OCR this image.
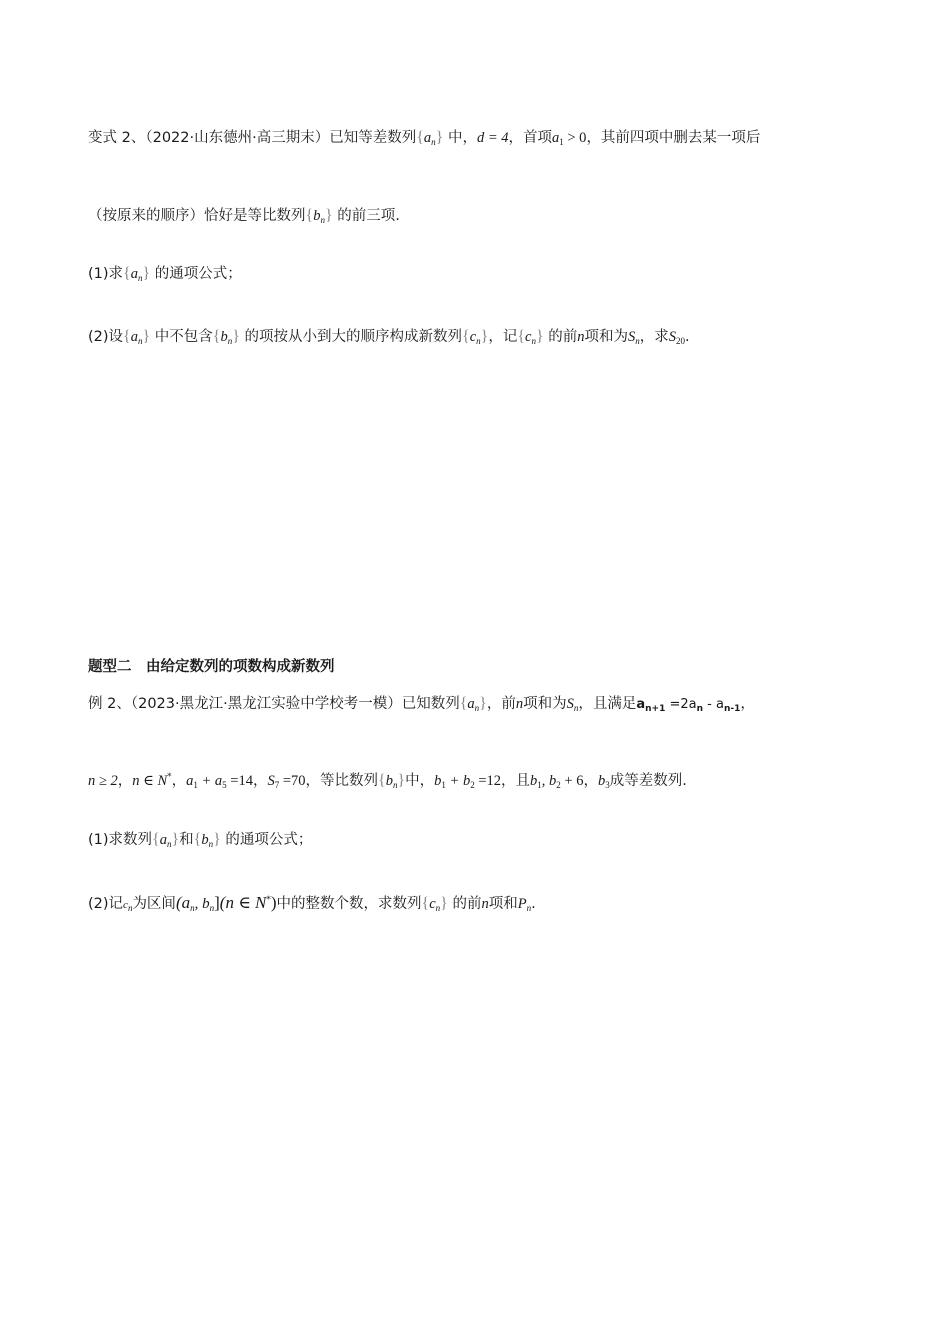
变式 2、（2022·山东德州·高三期末）已知等差数列$\{a_n\}$ 中，d = 4，首项$a_1 > 0$，其前四项中删去某一项后
（按原来的顺序）恰好是等比数列$\{b_n\}$ 的前三项.
(1)求$\{a_n\}$ 的通项公式；
(2)设$\{a_n\}$ 中不包含$\{b_n\}$ 的项按从小到大的顺序构成新数列$\{c_n\}$，记$\{c_n\}$ 的前n项和为$S_n$，求$S_{20}$.
题型二　由给定数列的项数构成新数列
例 2、（2023·黑龙江·黑龙江实验中学校考一模）已知数列$\{a_n\}$，前n项和为$S_n$，且满足$a_{n+1} =2a_n - a_{n-1}$，
n ≥ 2，n ∈ N*，$a_1 + a_5 =14$，$S_7 =70$，等比数列$\{b_n\}$中，$b_1 + b_2 =12$，且$b_1$, $b_2 + 6$，$b_3$成等差数列.
(1)求数列$\{a_n\}$和$\{b_n\}$ 的通项公式；
(2)记$c_n$为区间($a_n$, $b_n](n$ ∈ N*)中的整数个数，求数列$\{c_n\}$ 的前n项和$P_n$.
